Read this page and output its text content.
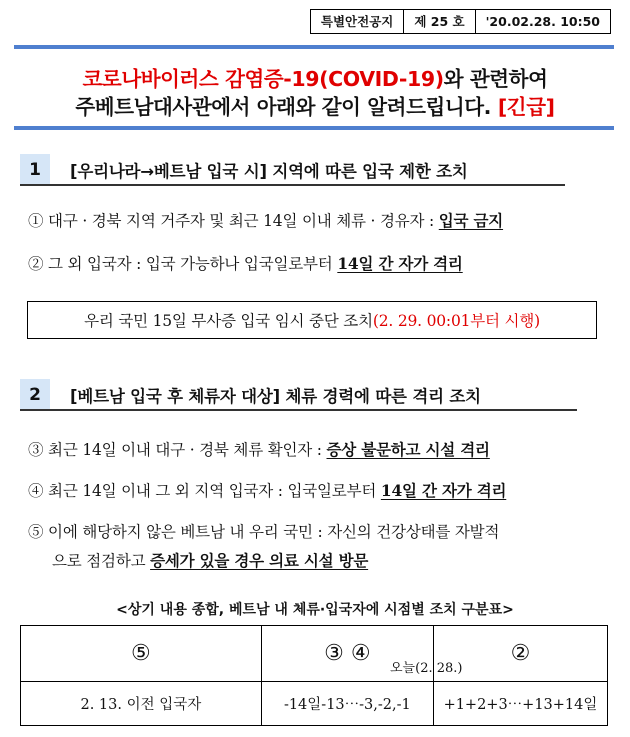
특별안전공지	제 25 호	'20.02.28. 10:50
코로나바이러스 감염증-19(COVID-19)와 관련하여
주베트남대사관에서 아래와 같이 알려드립니다. [긴급]
1	[우리나라→베트남 입국 시] 지역에 따른 입국 제한 조치
① 대구 · 경북 지역 거주자 및 최근 14일 이내 체류 · 경유자 : 입국 금지
② 그 외 입국자 : 입국 가능하나 입국일로부터 14일 간 자가 격리
우리 국민 15일 무사증 입국 임시 중단 조치 (2. 29. 00:01부터 시행)
2	[베트남 입국 후 체류자 대상] 체류 경력에 따른 격리 조치
③ 최근 14일 이내 대구 · 경북 체류 확인자 : 증상 불문하고 시설 격리
④ 최근 14일 이내 그 외 지역 입국자 : 입국일로부터 14일 간 자가 격리
⑤ 이에 해당하지 않은 베트남 내 우리 국민 : 자신의 건강상태를 자발적
으로 점검하고 증세가 있을 경우 의료 시설 방문
<상기 내용 종합, 베트남 내 체류·입국자에 시점별 조치 구분표>
⑤	③ ④	②
2. 13. 이전 입국자	-14일-13⋯-3,-2,-1	+1+2+3⋯+13+14일
오늘(2. 28.)
